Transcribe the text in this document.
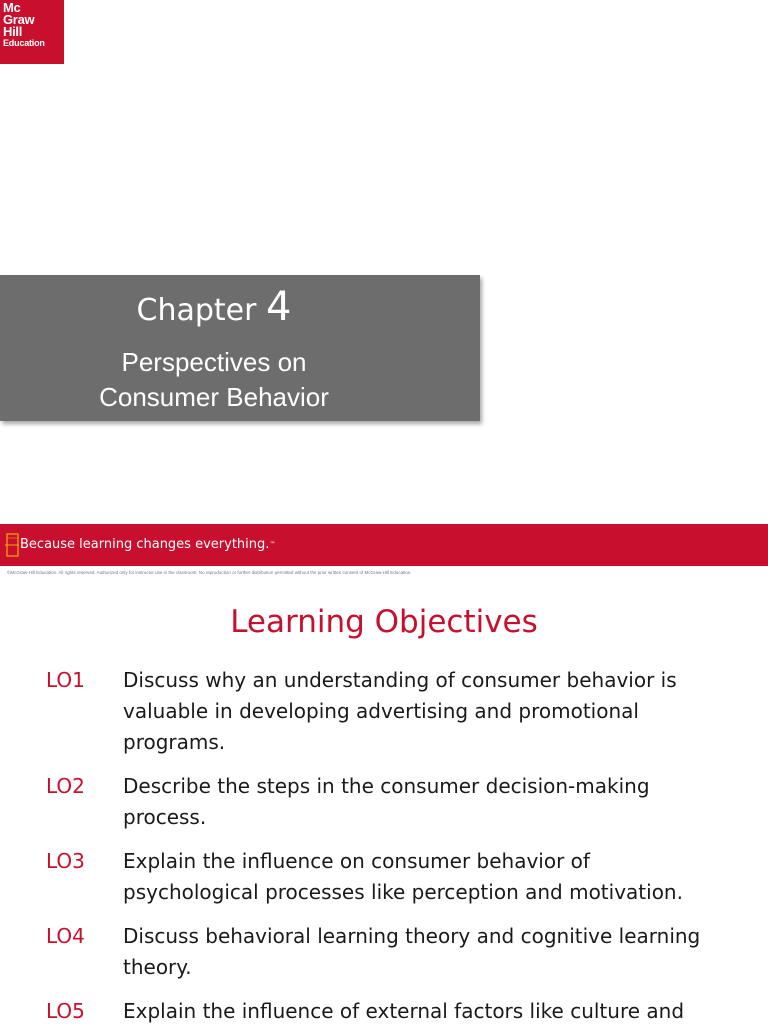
Mc
Graw
Hill
Education
Chapter 4
Perspectives on
Consumer Behavior
Because learning changes everything.™
©McGraw-Hill Education. All rights reserved. Authorized only for instructor use in the classroom. No reproduction or further distribution permitted without the prior written consent of McGraw-Hill Education.
Learning Objectives
LO1 Discuss why an understanding of consumer behavior is
valuable in developing advertising and promotional
programs.
LO2 Describe the steps in the consumer decision-making
process.
LO3 Explain the influence on consumer behavior of
psychological processes like perception and motivation.
LO4 Discuss behavioral learning theory and cognitive learning
theory.
LO5 Explain the influence of external factors like culture and
